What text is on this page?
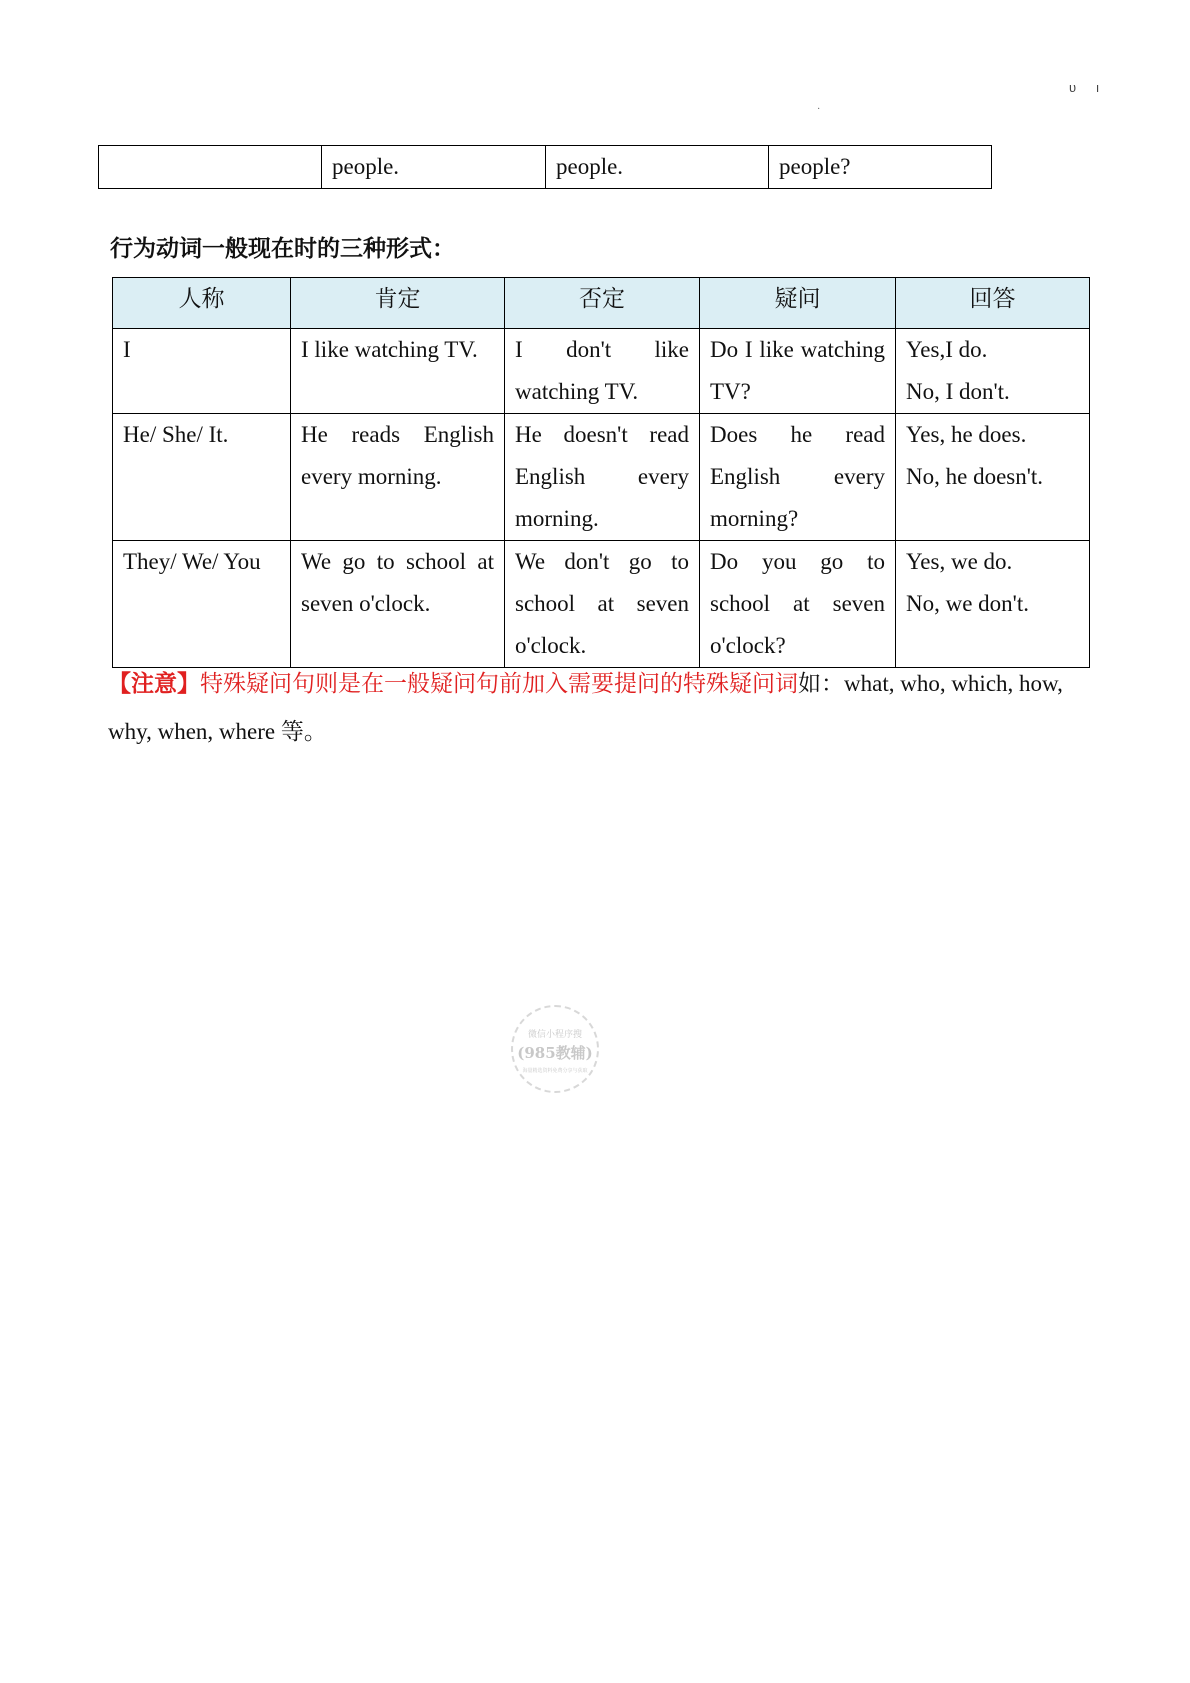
υ ı
·
	people.	people.	people?
行为动词一般现在时的三种形式：
人称	肯定	否定	疑问	回答
I	I like watching TV.	I don't like watching TV.	Do I like watching TV?	Yes,I do.
No, I don't.

He/ She/ It.	He reads English every morning.	He doesn't read English every morning.	Does he read English every morning?	Yes, he does.
No, he doesn't.

They/ We/ You	We go to school at seven o'clock.	We don't go to school at seven o'clock.	Do you go to school at seven o'clock?	Yes, we do.
No, we don't.
【注意】特殊疑问句则是在一般疑问句前加入需要提问的特殊疑问词如：what, who, which, how, why, when, where 等。
微信小程序搜
(985教辅)
海量精选资料免费分享与获取
